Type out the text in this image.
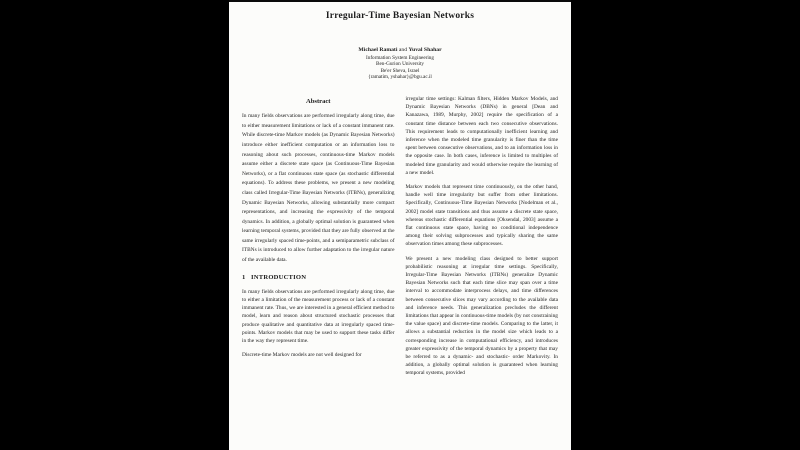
Irregular-Time Bayesian Networks
Michael Ramati and Yuval Shahar
Information System Engineering
Ben-Gurion University
Be'er Sheva, Israel
{ramatim, yshahar}@bgu.ac.il
Abstract

In many fields observations are performed irregularly along time, due to either measurement limitations or lack of a constant immanent rate. While discrete-time Markov models (as Dynamic Bayesian Networks) introduce either inefficient computation or an information loss to reasoning about such processes, continuous-time Markov models assume either a discrete state space (as Continuous-Time Bayesian Networks), or a flat continuous state space (as stochastic differential equations). To address these problems, we present a new modeling class called Irregular-Time Bayesian Networks (ITBNs), generalizing Dynamic Bayesian Networks, allowing substantially more compact representations, and increasing the expressivity of the temporal dynamics. In addition, a globally optimal solution is guaranteed when learning temporal systems, provided that they are fully observed at the same irregularly spaced time-points, and a semiparametric subclass of ITBNs is introduced to allow further adaptation to the irregular nature of the available data.

1   INTRODUCTION

In many fields observations are performed irregularly along time, due to either a limitation of the measurement process or lack of a constant immanent rate. Thus, we are interested in a general efficient method to model, learn and reason about structured stochastic processes that produce qualitative and quantitative data at irregularly spaced time-points. Markov models that may be used to support these tasks differ in the way they represent time.

Discrete-time Markov models are not well designed for

irregular time settings: Kalman filters, Hidden Markov Models, and Dynamic Bayesian Networks (DBNs) in general [Dean and Kanazawa, 1989, Murphy, 2002] require the specification of a constant time distance between each two consecutive observations. This requirement leads to computationally inefficient learning and inference when the modeled time granularity is finer than the time spent between consecutive observations, and to an information loss in the opposite case. In both cases, inference is limited to multiples of modeled time granularity and would otherwise require the learning of a new model.

Markov models that represent time continuously, on the other hand, handle well time irregularity but suffer from other limitations. Specifically, Continuous-Time Bayesian Networks [Nodelman et al., 2002] model state transitions and thus assume a discrete state space, whereas stochastic differential equations [Oksendal, 2003] assume a flat continuous state space, having no conditional independence among their solving subprocesses and typically sharing the same observation times among these subprocesses.

We present a new modeling class designed to better support probabilistic reasoning at irregular time settings. Specifically, Irregular-Time Bayesian Networks (ITBNs) generalize Dynamic Bayesian Networks such that each time slice may span over a time interval to accommodate interprocess delays, and time differences between consecutive slices may vary according to the available data and inference needs. This generalization precludes the different limitations that appear in continuous-time models (by not constraining the value space) and discrete-time models. Comparing to the latter, it allows a substantial reduction in the model size which leads to a corresponding increase in computational efficiency, and introduces greater expressivity of the temporal dynamics by a property that may be referred to as a dynamic- and stochastic- order Markovity. In addition, a globally optimal solution is guaranteed when learning temporal systems, provided
